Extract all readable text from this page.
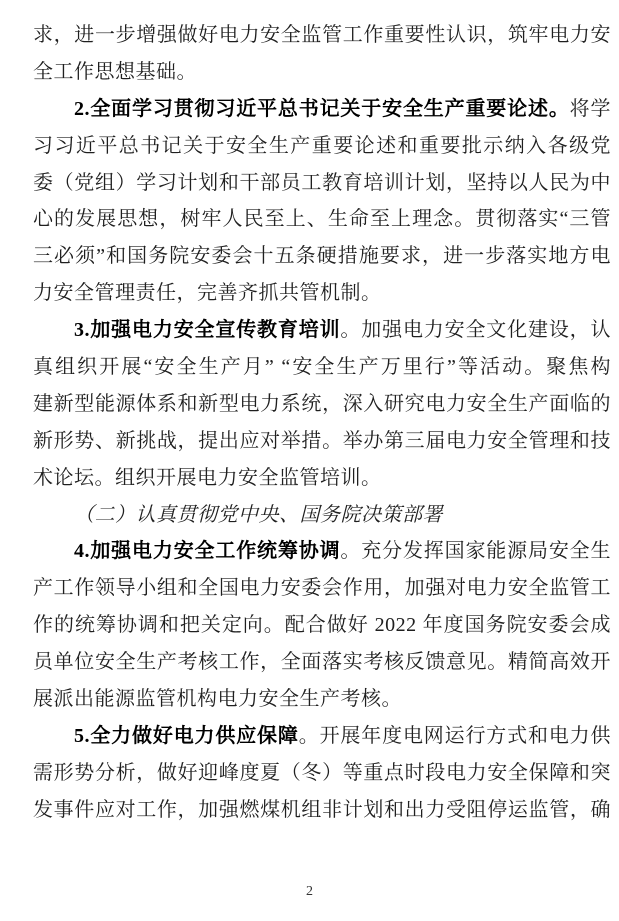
求，进一步增强做好电力安全监管工作重要性认识，筑牢电力安
全工作思想基础。
2.全面学习贯彻习近平总书记关于安全生产重要论述。将学
习习近平总书记关于安全生产重要论述和重要批示纳入各级党
委（党组）学习计划和干部员工教育培训计划，坚持以人民为中
心的发展思想，树牢人民至上、生命至上理念。贯彻落实“三管
三必须”和国务院安委会十五条硬措施要求，进一步落实地方电
力安全管理责任，完善齐抓共管机制。
3.加强电力安全宣传教育培训。加强电力安全文化建设，认
真组织开展“安全生产月” “安全生产万里行”等活动。聚焦构
建新型能源体系和新型电力系统，深入研究电力安全生产面临的
新形势、新挑战，提出应对举措。举办第三届电力安全管理和技
术论坛。组织开展电力安全监管培训。
（二）认真贯彻党中央、国务院决策部署
4.加强电力安全工作统筹协调。充分发挥国家能源局安全生
产工作领导小组和全国电力安委会作用，加强对电力安全监管工
作的统筹协调和把关定向。配合做好 2022 年度国务院安委会成
员单位安全生产考核工作，全面落实考核反馈意见。精简高效开
展派出能源监管机构电力安全生产考核。
5.全力做好电力供应保障。开展年度电网运行方式和电力供
需形势分析，做好迎峰度夏（冬）等重点时段电力安全保障和突
发事件应对工作，加强燃煤机组非计划和出力受阻停运监管，确
2
